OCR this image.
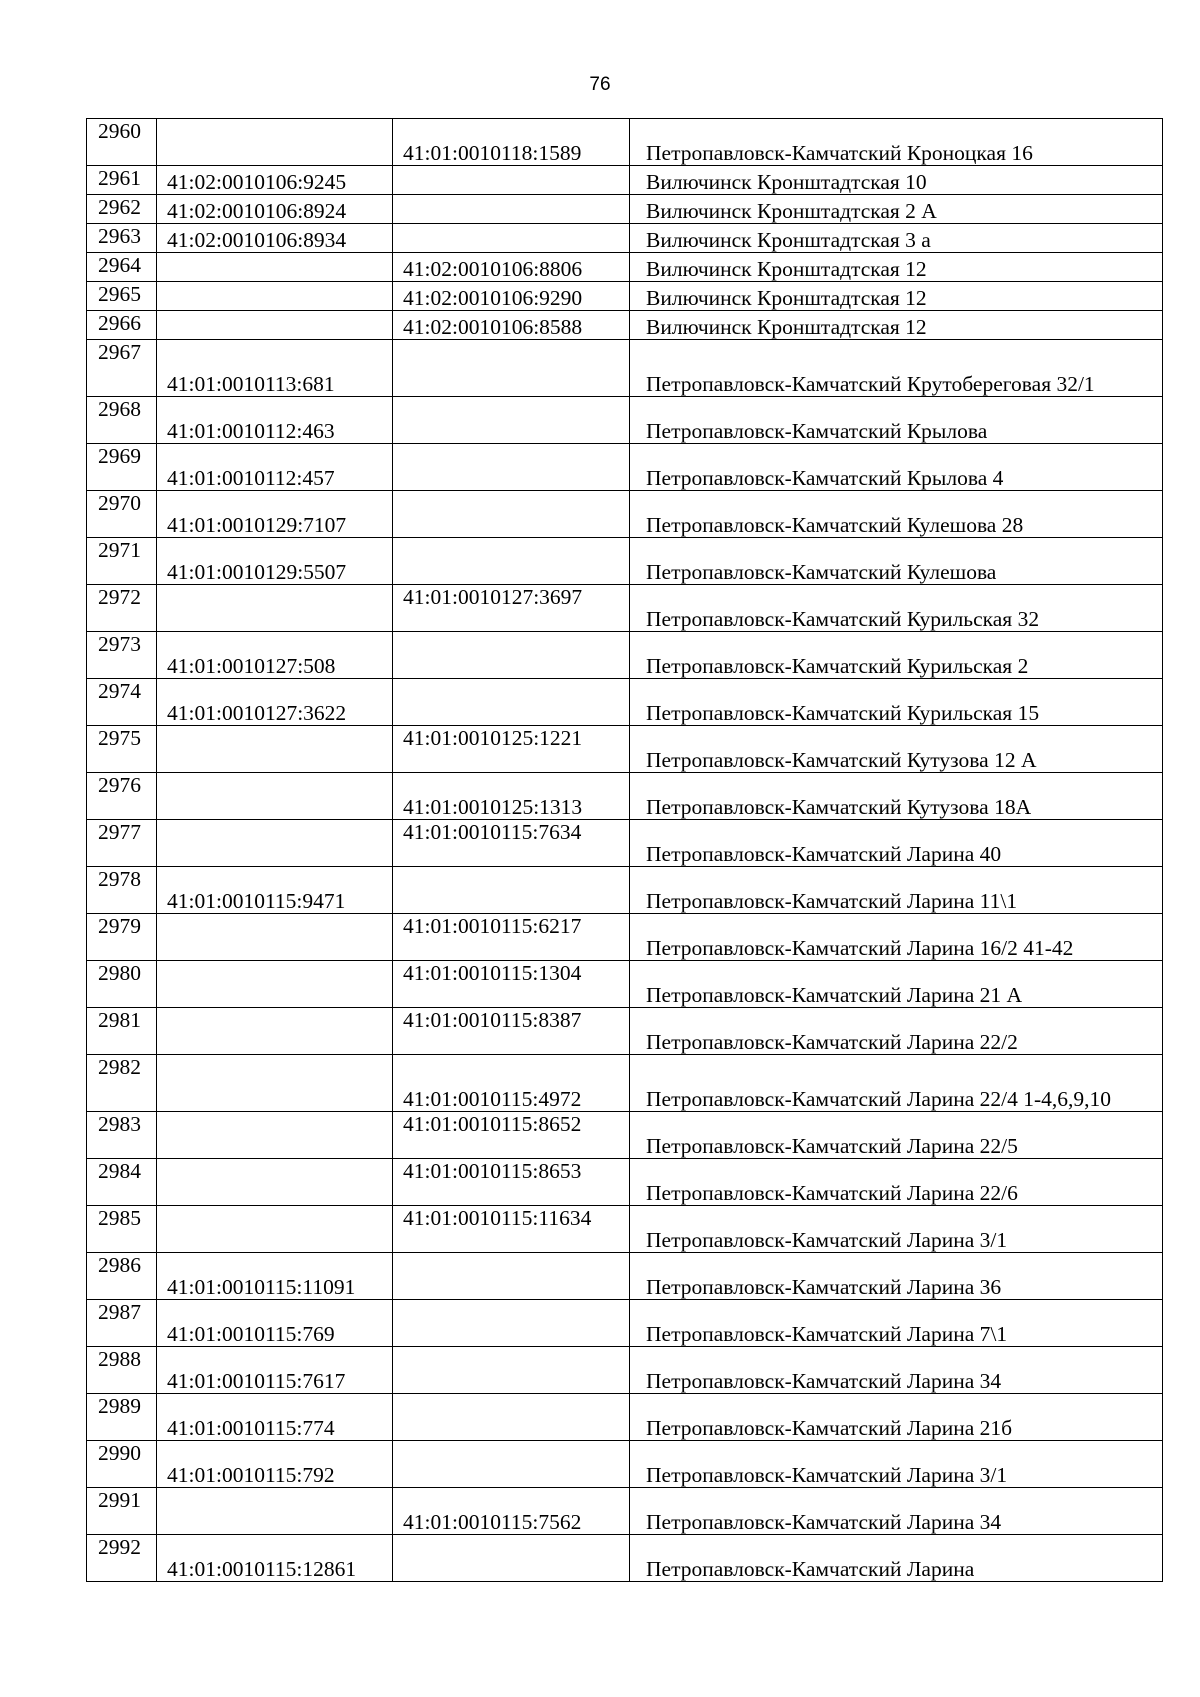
76
2960		41:01:0010118:1589	Петропавловск-Камчатский Кроноцкая 16

2961	41:02:0010106:9245		Вилючинск Кронштадтская 10

2962	41:02:0010106:8924		Вилючинск Кронштадтская 2 А

2963	41:02:0010106:8934		Вилючинск Кронштадтская 3 а

2964		41:02:0010106:8806	Вилючинск Кронштадтская 12

2965		41:02:0010106:9290	Вилючинск Кронштадтская 12

2966		41:02:0010106:8588	Вилючинск Кронштадтская 12

2967	41:01:0010113:681		Петропавловск-Камчатский Крутобереговая 32/1

2968	41:01:0010112:463		Петропавловск-Камчатский Крылова

2969	41:01:0010112:457		Петропавловск-Камчатский Крылова 4

2970	41:01:0010129:7107		Петропавловск-Камчатский Кулешова 28

2971	41:01:0010129:5507		Петропавловск-Камчатский Кулешова

2972		41:01:0010127:3697	Петропавловск-Камчатский Курильская 32

2973	41:01:0010127:508		Петропавловск-Камчатский Курильская 2

2974	41:01:0010127:3622		Петропавловск-Камчатский Курильская 15

2975		41:01:0010125:1221	Петропавловск-Камчатский Кутузова 12 А

2976		41:01:0010125:1313	Петропавловск-Камчатский Кутузова 18А

2977		41:01:0010115:7634	Петропавловск-Камчатский Ларина 40

2978	41:01:0010115:9471		Петропавловск-Камчатский Ларина 11\1

2979		41:01:0010115:6217	Петропавловск-Камчатский Ларина 16/2 41-42

2980		41:01:0010115:1304	Петропавловск-Камчатский Ларина 21 А

2981		41:01:0010115:8387	Петропавловск-Камчатский Ларина 22/2

2982		41:01:0010115:4972	Петропавловск-Камчатский Ларина 22/4 1-4,6,9,10

2983		41:01:0010115:8652	Петропавловск-Камчатский Ларина 22/5

2984		41:01:0010115:8653	Петропавловск-Камчатский Ларина 22/6

2985		41:01:0010115:11634	Петропавловск-Камчатский Ларина 3/1

2986	41:01:0010115:11091		Петропавловск-Камчатский Ларина 36

2987	41:01:0010115:769		Петропавловск-Камчатский Ларина 7\1

2988	41:01:0010115:7617		Петропавловск-Камчатский Ларина 34

2989	41:01:0010115:774		Петропавловск-Камчатский Ларина 21б

2990	41:01:0010115:792		Петропавловск-Камчатский Ларина 3/1

2991		41:01:0010115:7562	Петропавловск-Камчатский Ларина 34

2992	41:01:0010115:12861		Петропавловск-Камчатский Ларина
